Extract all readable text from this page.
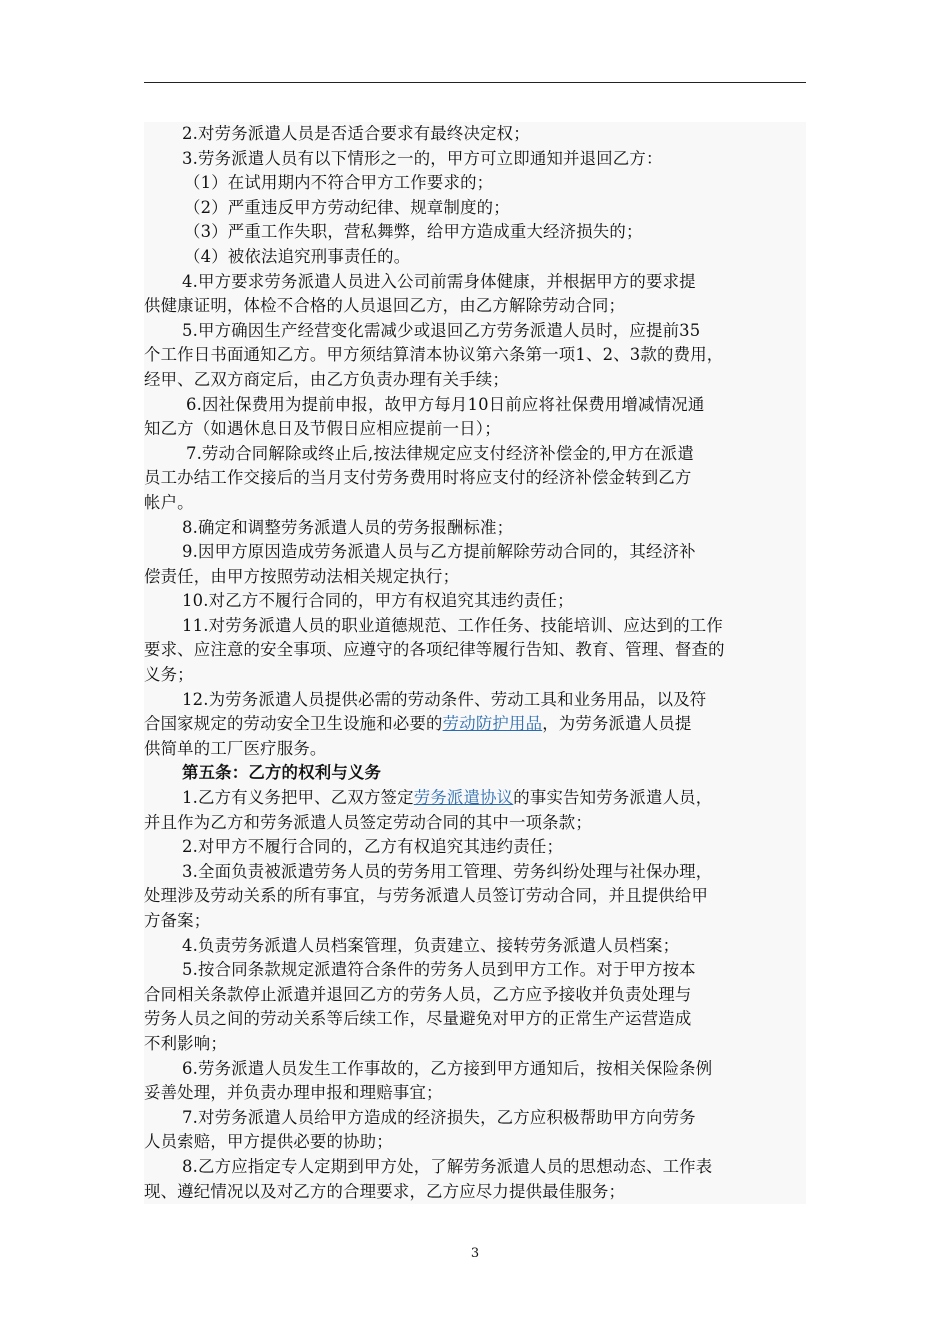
2.对劳务派遣人员是否适合要求有最终决定权；
3.劳务派遣人员有以下情形之一的，甲方可立即通知并退回乙方：
（1）在试用期内不符合甲方工作要求的；
（2）严重违反甲方劳动纪律、规章制度的；
（3）严重工作失职，营私舞弊，给甲方造成重大经济损失的；
（4）被依法追究刑事责任的。
4.甲方要求劳务派遣人员进入公司前需身体健康，并根据甲方的要求提
供健康证明，体检不合格的人员退回乙方，由乙方解除劳动合同；
5.甲方确因生产经营变化需减少或退回乙方劳务派遣人员时，应提前35
个工作日书面通知乙方。甲方须结算清本协议第六条第一项1、2、3款的费用，
经甲、乙双方商定后，由乙方负责办理有关手续；
6.因社保费用为提前申报，故甲方每月10日前应将社保费用增减情况通
知乙方（如遇休息日及节假日应相应提前一日）；
7.劳动合同解除或终止后,按法律规定应支付经济补偿金的,甲方在派遣
员工办结工作交接后的当月支付劳务费用时将应支付的经济补偿金转到乙方
帐户。
8.确定和调整劳务派遣人员的劳务报酬标准；
9.因甲方原因造成劳务派遣人员与乙方提前解除劳动合同的，其经济补
偿责任，由甲方按照劳动法相关规定执行；
10.对乙方不履行合同的，甲方有权追究其违约责任；
11.对劳务派遣人员的职业道德规范、工作任务、技能培训、应达到的工作
要求、应注意的安全事项、应遵守的各项纪律等履行告知、教育、管理、督查的
义务；
12.为劳务派遣人员提供必需的劳动条件、劳动工具和业务用品，以及符
合国家规定的劳动安全卫生设施和必要的劳动防护用品，为劳务派遣人员提
供简单的工厂医疗服务。
第五条：乙方的权利与义务
1.乙方有义务把甲、乙双方签定劳务派遣协议的事实告知劳务派遣人员，
并且作为乙方和劳务派遣人员签定劳动合同的其中一项条款；
2.对甲方不履行合同的，乙方有权追究其违约责任；
3.全面负责被派遣劳务人员的劳务用工管理、劳务纠纷处理与社保办理，
处理涉及劳动关系的所有事宜，与劳务派遣人员签订劳动合同，并且提供给甲
方备案；
4.负责劳务派遣人员档案管理，负责建立、接转劳务派遣人员档案；
5.按合同条款规定派遣符合条件的劳务人员到甲方工作。对于甲方按本
合同相关条款停止派遣并退回乙方的劳务人员，乙方应予接收并负责处理与
劳务人员之间的劳动关系等后续工作，尽量避免对甲方的正常生产运营造成
不利影响；
6.劳务派遣人员发生工作事故的，乙方接到甲方通知后，按相关保险条例
妥善处理，并负责办理申报和理赔事宜；
7.对劳务派遣人员给甲方造成的经济损失，乙方应积极帮助甲方向劳务
人员索赔，甲方提供必要的协助；
8.乙方应指定专人定期到甲方处，了解劳务派遣人员的思想动态、工作表
现、遵纪情况以及对乙方的合理要求，乙方应尽力提供最佳服务；
3
